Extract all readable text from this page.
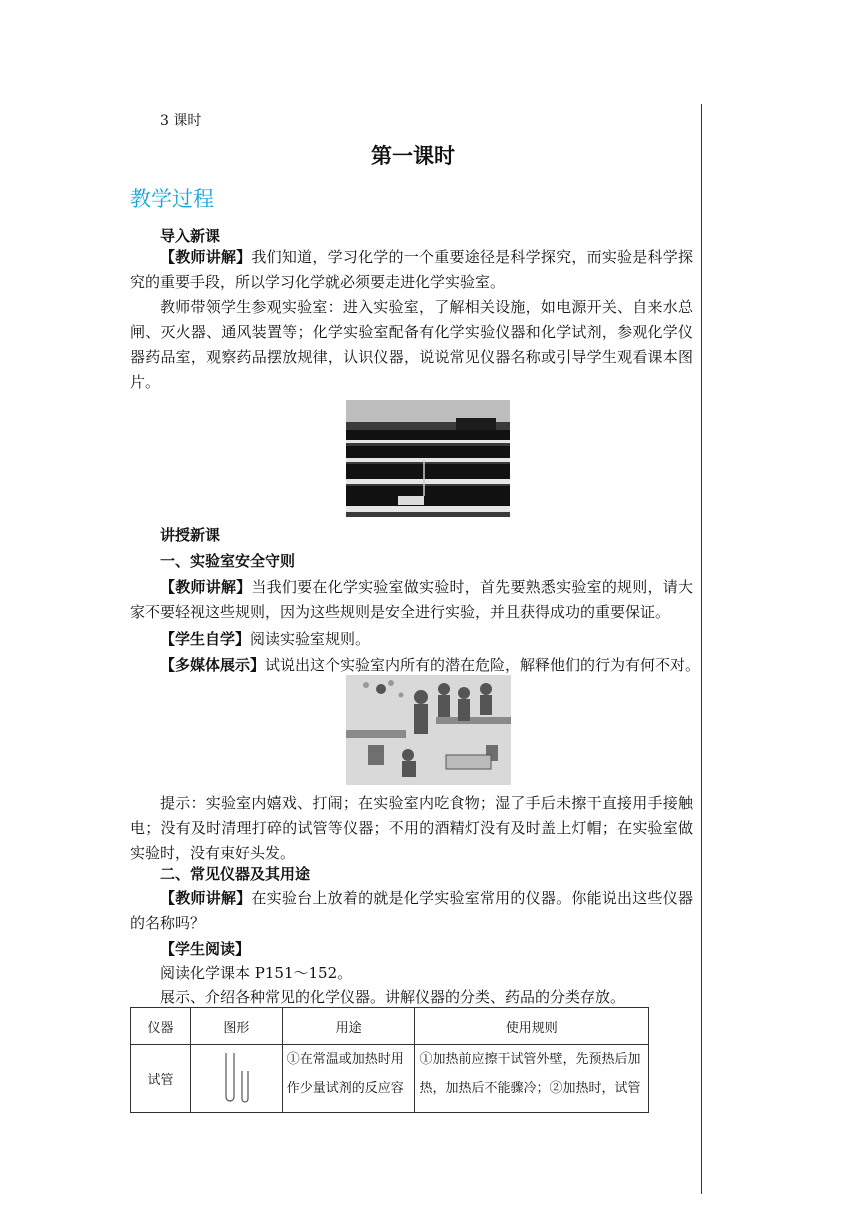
3 课时
第一课时
教学过程
导入新课
【教师讲解】我们知道，学习化学的一个重要途径是科学探究，而实验是科学探究的重要手段，所以学习化学就必须要走进化学实验室。
教师带领学生参观实验室：进入实验室，了解相关设施，如电源开关、自来水总闸、灭火器、通风装置等；化学实验室配备有化学实验仪器和化学试剂，参观化学仪器药品室，观察药品摆放规律，认识仪器，说说常见仪器名称或引导学生观看课本图片。
讲授新课
一、实验室安全守则
【教师讲解】当我们要在化学实验室做实验时，首先要熟悉实验室的规则，请大家不要轻视这些规则，因为这些规则是安全进行实验，并且获得成功的重要保证。
【学生自学】阅读实验室规则。
【多媒体展示】试说出这个实验室内所有的潜在危险，解释他们的行为有何不对。
提示：实验室内嬉戏、打闹；在实验室内吃食物；湿了手后未擦干直接用手接触电；没有及时清理打碎的试管等仪器；不用的酒精灯没有及时盖上灯帽；在实验室做实验时，没有束好头发。
二、常见仪器及其用途
【教师讲解】在实验台上放着的就是化学实验室常用的仪器。你能说出这些仪器的名称吗？
【学生阅读】
阅读化学课本 P151～152。
展示、介绍各种常见的化学仪器。讲解仪器的分类、药品的分类存放。
仪器	图形	用途	使用规则
试管		①在常温或加热时用作少量试剂的反应容	①加热前应擦干试管外壁，先预热后加热，加热后不能骤冷；②加热时，试管
